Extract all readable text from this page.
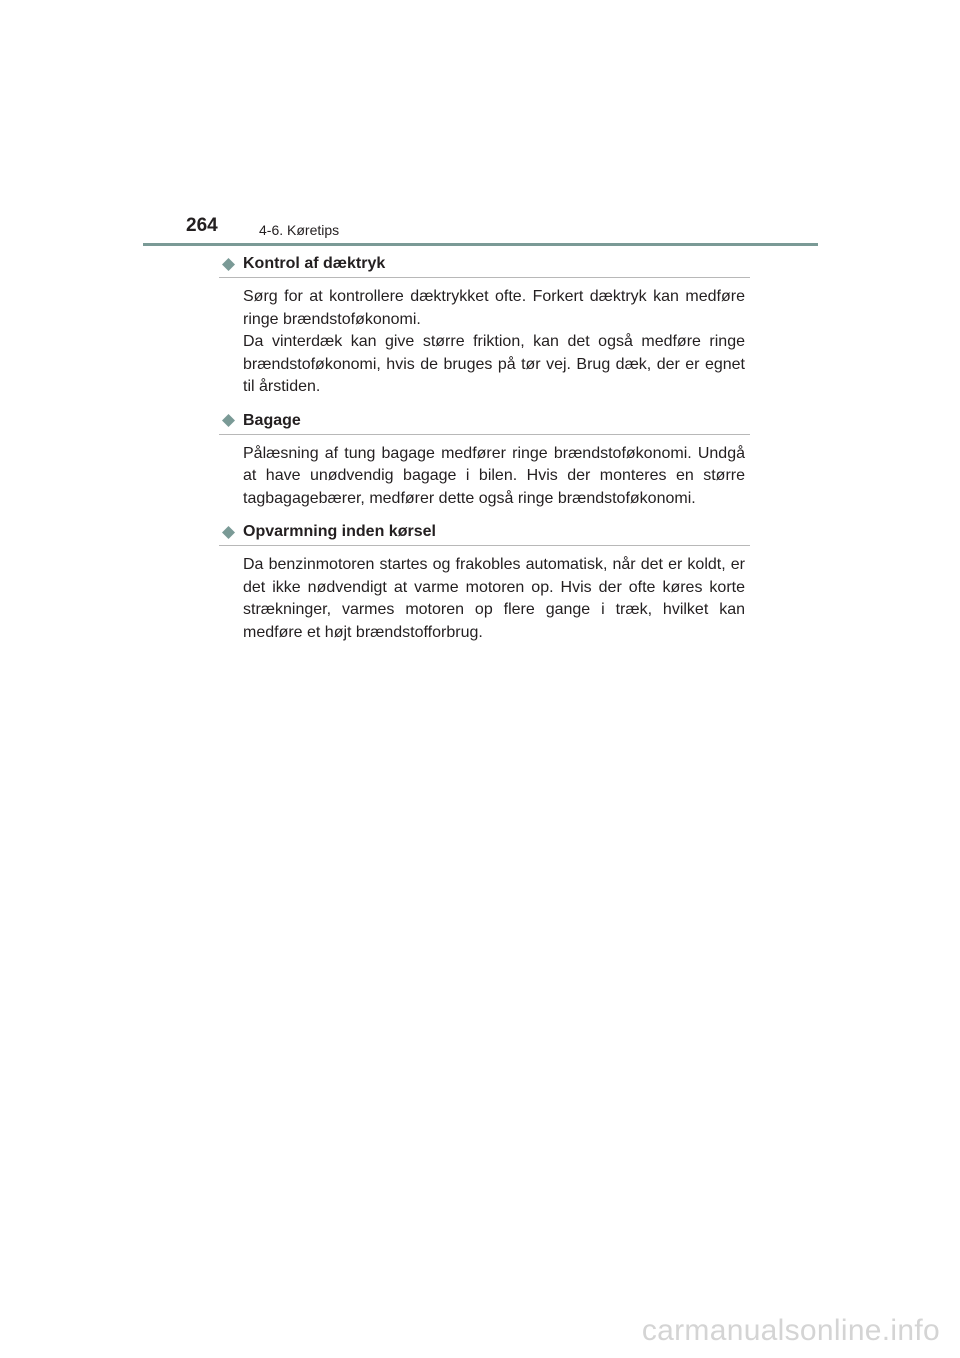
264	4-6. Køretips
Kontrol af dæktryk

Sørg for at kontrollere dæktrykket ofte. Forkert dæktryk kan medføre ringe brændstoføkonomi.

Da vinterdæk kan give større friktion, kan det også medføre ringe brændstoføkonomi, hvis de bruges på tør vej. Brug dæk, der er egnet til årstiden.

Bagage

Pålæsning af tung bagage medfører ringe brændstoføkonomi. Undgå at have unødvendig bagage i bilen. Hvis der monteres en større tagbagagebærer, medfører dette også ringe brændstoføkonomi.

Opvarmning inden kørsel

Da benzinmotoren startes og frakobles automatisk, når det er koldt, er det ikke nødvendigt at varme motoren op. Hvis der ofte køres korte strækninger, varmes motoren op flere gange i træk, hvilket kan medføre et højt brændstofforbrug.

carmanualsonline.info
